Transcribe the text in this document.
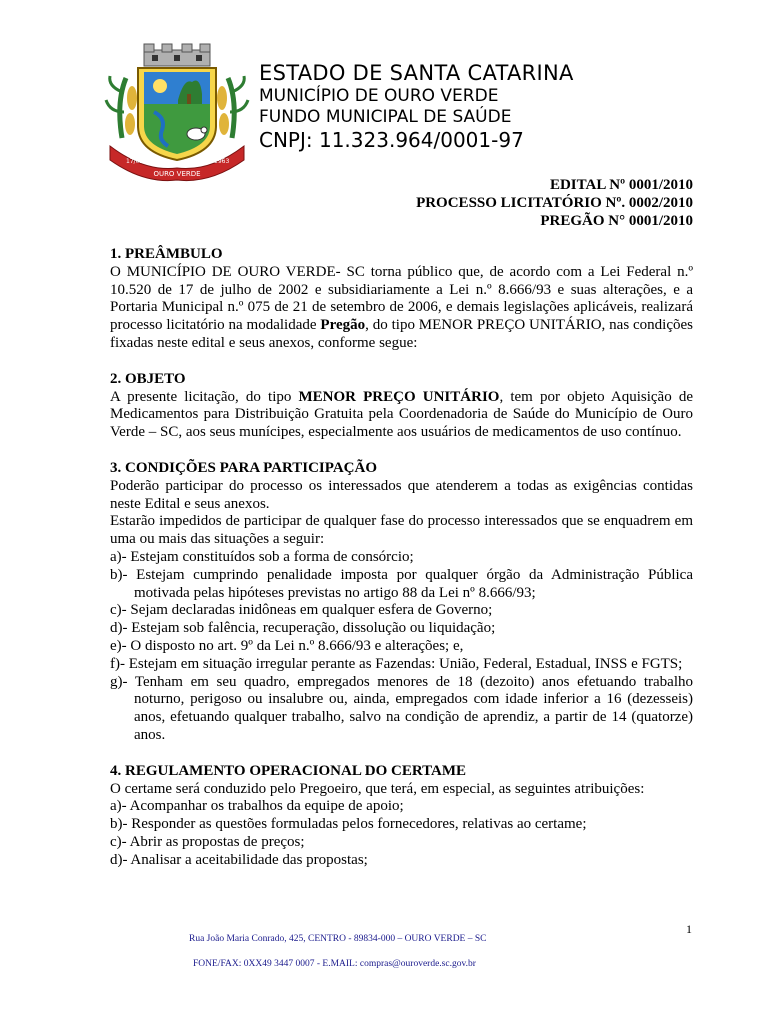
17/03
OURO VERDE
1963
ESTADO DE SANTA CATARINA
MUNICÍPIO DE OURO VERDE
FUNDO MUNICIPAL DE SAÚDE
CNPJ: 11.323.964/0001-97
EDITAL Nº 0001/2010
PROCESSO LICITATÓRIO Nº. 0002/2010
PREGÃO N° 0001/2010

1. PREÂMBULO

O MUNICÍPIO DE OURO VERDE- SC torna público que, de acordo com a Lei Federal n.º 10.520 de 17 de julho de 2002 e subsidiariamente a Lei n.º 8.666/93 e suas alterações, e a Portaria Municipal n.º 075 de 21 de setembro de 2006, e demais legislações aplicáveis, realizará processo licitatório na modalidade Pregão, do tipo MENOR PREÇO UNITÁRIO, nas condições fixadas neste edital e seus anexos, conforme segue:

2. OBJETO

A presente licitação, do tipo MENOR PREÇO UNITÁRIO, tem por objeto Aquisição de Medicamentos para Distribuição Gratuita pela Coordenadoria de Saúde do Município de Ouro Verde – SC, aos seus munícipes, especialmente aos usuários de medicamentos de uso contínuo.

3. CONDIÇÕES PARA PARTICIPAÇÃO

Poderão participar do processo os interessados que atenderem a todas as exigências contidas neste Edital e seus anexos.

Estarão impedidos de participar de qualquer fase do processo interessados que se enquadrem em uma ou mais das situações a seguir:

a)- Estejam constituídos sob a forma de consórcio;
b)- Estejam cumprindo penalidade imposta por qualquer órgão da Administração Pública motivada pelas hipóteses previstas no artigo 88 da Lei nº 8.666/93;
c)- Sejam declaradas inidôneas em qualquer esfera de Governo;
d)- Estejam sob falência, recuperação, dissolução ou liquidação;
e)- O disposto no art. 9º da Lei n.º 8.666/93 e alterações; e,
f)- Estejam em situação irregular perante as Fazendas: União, Federal, Estadual, INSS e FGTS;
g)- Tenham em seu quadro, empregados menores de 18 (dezoito) anos efetuando trabalho noturno, perigoso ou insalubre ou, ainda, empregados com idade inferior a 16 (dezesseis) anos, efetuando qualquer trabalho, salvo na condição de aprendiz, a partir de 14 (quatorze) anos.

4. REGULAMENTO OPERACIONAL DO CERTAME

O certame será conduzido pelo Pregoeiro, que terá, em especial, as seguintes atribuições:

a)- Acompanhar os trabalhos da equipe de apoio;
b)- Responder as questões formuladas pelos fornecedores, relativas ao certame;
c)- Abrir as propostas de preços;
d)- Analisar a aceitabilidade das propostas;
1
Rua João Maria Conrado, 425, CENTRO - 89834-000 – OURO VERDE – SC
FONE/FAX: 0XX49 3447 0007 - E.MAIL: compras@ouroverde.sc.gov.br
